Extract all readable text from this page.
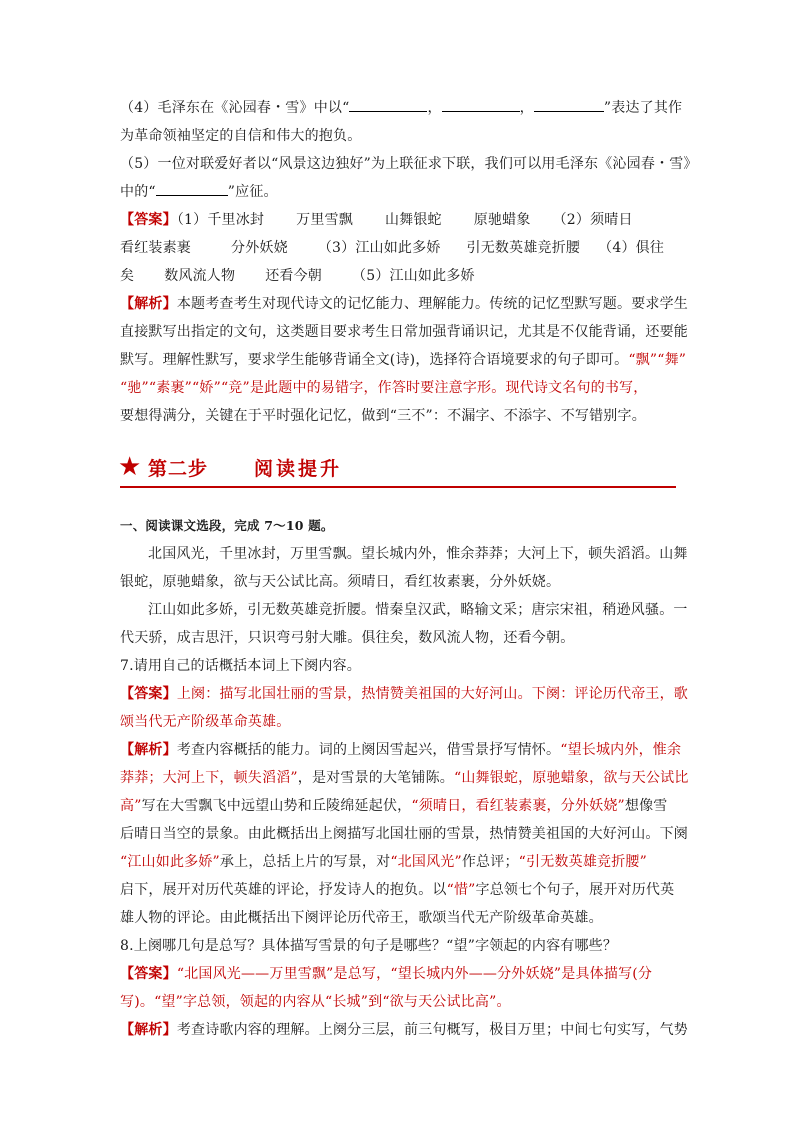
（4）毛泽东在《沁园春・雪》中以“	，	，	”表达了其作
为革命领袖坚定的自信和伟大的抱负。
（5）一位对联爱好者以“风景这边独好”为上联征求下联，我们可以用毛泽东《沁园春・雪》
中的“	”应征。
【答案】（1）千里冰封 万里雪飘 山舞银蛇 原驰蜡象 （2）须晴日
看红装素裹	分外妖娆 （3）江山如此多娇 引无数英雄竞折腰 （4）俱往
矣 数风流人物 还看今朝 （5）江山如此多娇
【解析】本题考查考生对现代诗文的记忆能力、理解能力。传统的记忆型默写题。要求学生
直接默写出指定的文句，这类题目要求考生日常加强背诵识记，尤其是不仅能背诵，还要能
默写。理解性默写，要求学生能够背诵全文(诗)，选择符合语境要求的句子即可。“飘”“舞”
“驰”“素裹”“娇”“竞”是此题中的易错字，作答时要注意字形。现代诗文名句的书写，
要想得满分，关键在于平时强化记忆，做到“三不”：不漏字、不添字、不写错别字。
★ 第二步 阅读提升
一、阅读课文选段，完成 7～10 题。
北国风光，千里冰封，万里雪飘。望长城内外，惟余莽莽；大河上下，顿失滔滔。山舞
银蛇，原驰蜡象，欲与天公试比高。须晴日，看红妆素裹，分外妖娆。
江山如此多娇，引无数英雄竞折腰。惜秦皇汉武，略输文采；唐宗宋祖，稍逊风骚。一
代天骄，成吉思汗，只识弯弓射大雕。俱往矣，数风流人物，还看今朝。
7.请用自己的话概括本词上下阕内容。
【答案】上阕：描写北国壮丽的雪景，热情赞美祖国的大好河山。下阕：评论历代帝王，歌
颂当代无产阶级革命英雄。
【解析】考查内容概括的能力。词的上阕因雪起兴，借雪景抒写情怀。“望长城内外，惟余
莽莽；大河上下，顿失滔滔”，是对雪景的大笔铺陈。“山舞银蛇，原驰蜡象，欲与天公试比
高”写在大雪飘飞中远望山势和丘陵绵延起伏，“须晴日，看红装素裹，分外妖娆”想像雪
后晴日当空的景象。由此概括出上阕描写北国壮丽的雪景，热情赞美祖国的大好河山。下阕
“江山如此多娇”承上，总括上片的写景，对“北国风光”作总评；“引无数英雄竞折腰”
启下，展开对历代英雄的评论，抒发诗人的抱负。以“惜”字总领七个句子，展开对历代英
雄人物的评论。由此概括出下阕评论历代帝王，歌颂当代无产阶级革命英雄。
8.上阕哪几句是总写？具体描写雪景的句子是哪些？“望”字领起的内容有哪些？
【答案】“北国风光——万里雪飘”是总写，“望长城内外——分外妖娆”是具体描写(分
写)。“望”字总领，领起的内容从“长城”到“欲与天公试比高”。
【解析】考查诗歌内容的理解。上阕分三层，前三句概写，极目万里；中间七句实写，气势
